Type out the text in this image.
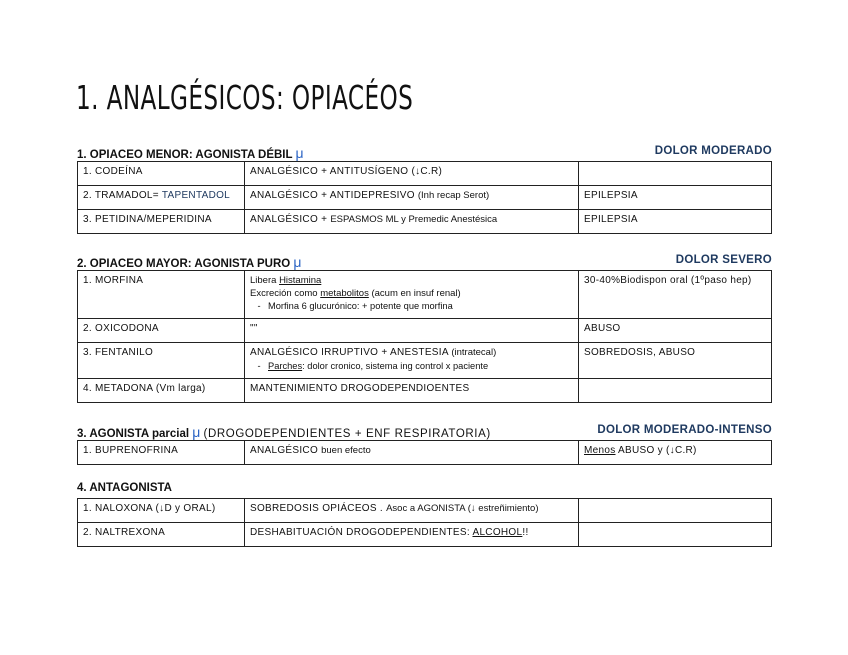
1. ANALGÉSICOS: OPIACÉOS
1. OPIACEO MENOR: AGONISTA DÉBIL μ	DOLOR MODERADO
1. CODEÍNA	ANALGÉSICO + ANTITUSÍGENO (↓C.R)	
2. TRAMADOL= TAPENTADOL	ANALGÉSICO + ANTIDEPRESIVO (Inh recap Serot)	EPILEPSIA
3. PETIDINA/MEPERIDINA	ANALGÉSICO + ESPASMOS ML y Premedic Anestésica	EPILEPSIA
2. OPIACEO MAYOR: AGONISTA PURO μ	DOLOR SEVERO
1. MORFINA	Libera Histamina
Excreción como metabolitos (acum en insuf renal)
- Morfina 6 glucurónico: + potente que morfina	30-40%Biodispon oral (1ºpaso hep)
2. OXICODONA	""	ABUSO
3. FENTANILO	ANALGÉSICO IRRUPTIVO + ANESTESIA (intratecal)
- Parches: dolor cronico, sistema ing control x paciente	SOBREDOSIS, ABUSO
4. METADONA (Vm larga)	MANTENIMIENTO DROGODEPENDIOENTES	
3. AGONISTA parcial μ (DROGODEPENDIENTES + ENF RESPIRATORIA)	DOLOR MODERADO-INTENSO
1. BUPRENOFRINA	ANALGÉSICO buen efecto	Menos ABUSO y (↓C.R)
4. ANTAGONISTA
1. NALOXONA (↓D y ORAL)	SOBREDOSIS OPIÁCEOS . Asoc a AGONISTA (↓ estreñimiento)	
2. NALTREXONA	DESHABITUACIÓN DROGODEPENDIENTES: ALCOHOL!!	
